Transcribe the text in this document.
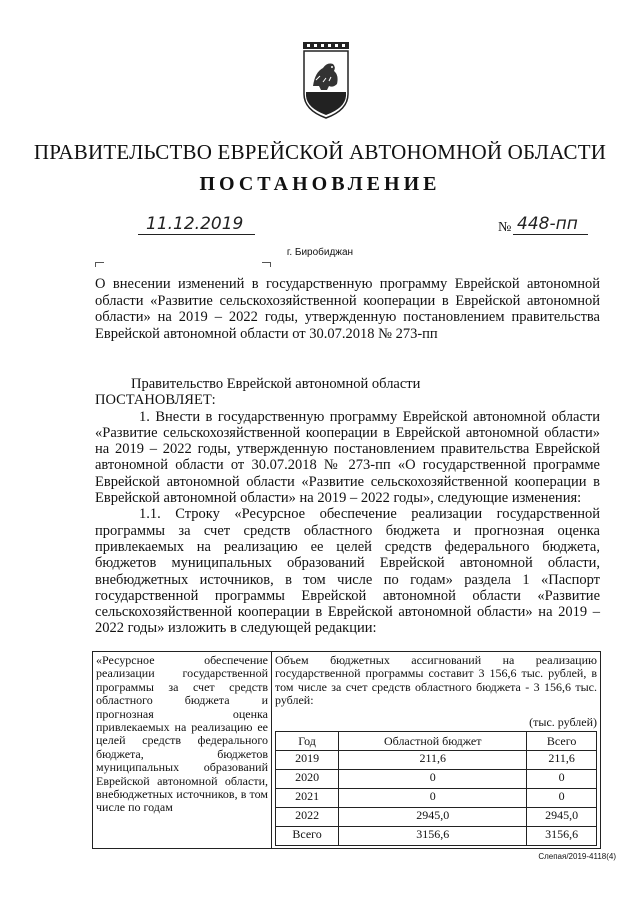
ПРАВИТЕЛЬСТВО ЕВРЕЙСКОЙ АВТОНОМНОЙ ОБЛАСТИ
ПОСТАНОВЛЕНИЕ
11.12.2019	№ 448-пп
г. Биробиджан
О внесении изменений в государственную программу Еврейской автономной области «Развитие сельскохозяйственной кооперации в Еврейской автономной области» на 2019 – 2022 годы, утвержденную постановлением правительства Еврейской автономной области от 30.07.2018 № 273-пп
Правительство Еврейской автономной области
ПОСТАНОВЛЯЕТ:
1. Внести в государственную программу Еврейской автономной области «Развитие сельскохозяйственной кооперации в Еврейской автономной области» на 2019 – 2022 годы, утвержденную постановлением правительства Еврейской автономной области от 30.07.2018 № 273-пп «О государственной программе Еврейской автономной области «Развитие сельскохозяйственной кооперации в Еврейской автономной области» на 2019 – 2022 годы», следующие изменения:
1.1. Строку «Ресурсное обеспечение реализации государственной программы за счет средств областного бюджета и прогнозная оценка привлекаемых на реализацию ее целей средств федерального бюджета, бюджетов муниципальных образований Еврейской автономной области, внебюджетных источников, в том числе по годам» раздела 1 «Паспорт государственной программы Еврейской автономной области «Развитие сельскохозяйственной кооперации в Еврейской автономной области» на 2019 – 2022 годы» изложить в следующей редакции:
«Ресурсное обеспечение реализации государственной программы за счет средств областного бюджета и прогнозная оценка привлекаемых на реализацию ее целей средств федерального бюджета, бюджетов муниципальных образований Еврейской автономной области, внебюджетных источников, в том числе по годам	
Объем бюджетных ассигнований на реализацию государственной программы составит 3 156,6 тыс. рублей, в том числе за счет средств областного бюджета - 3 156,6 тыс. рублей:
(тыс. рублей)
Год	Областной бюджет	Всего
2019	211,6	211,6
2020	0	0
2021	0	0
2022	2945,0	2945,0
Всего	3156,6	3156,6
Слепая/2019-4118(4)
